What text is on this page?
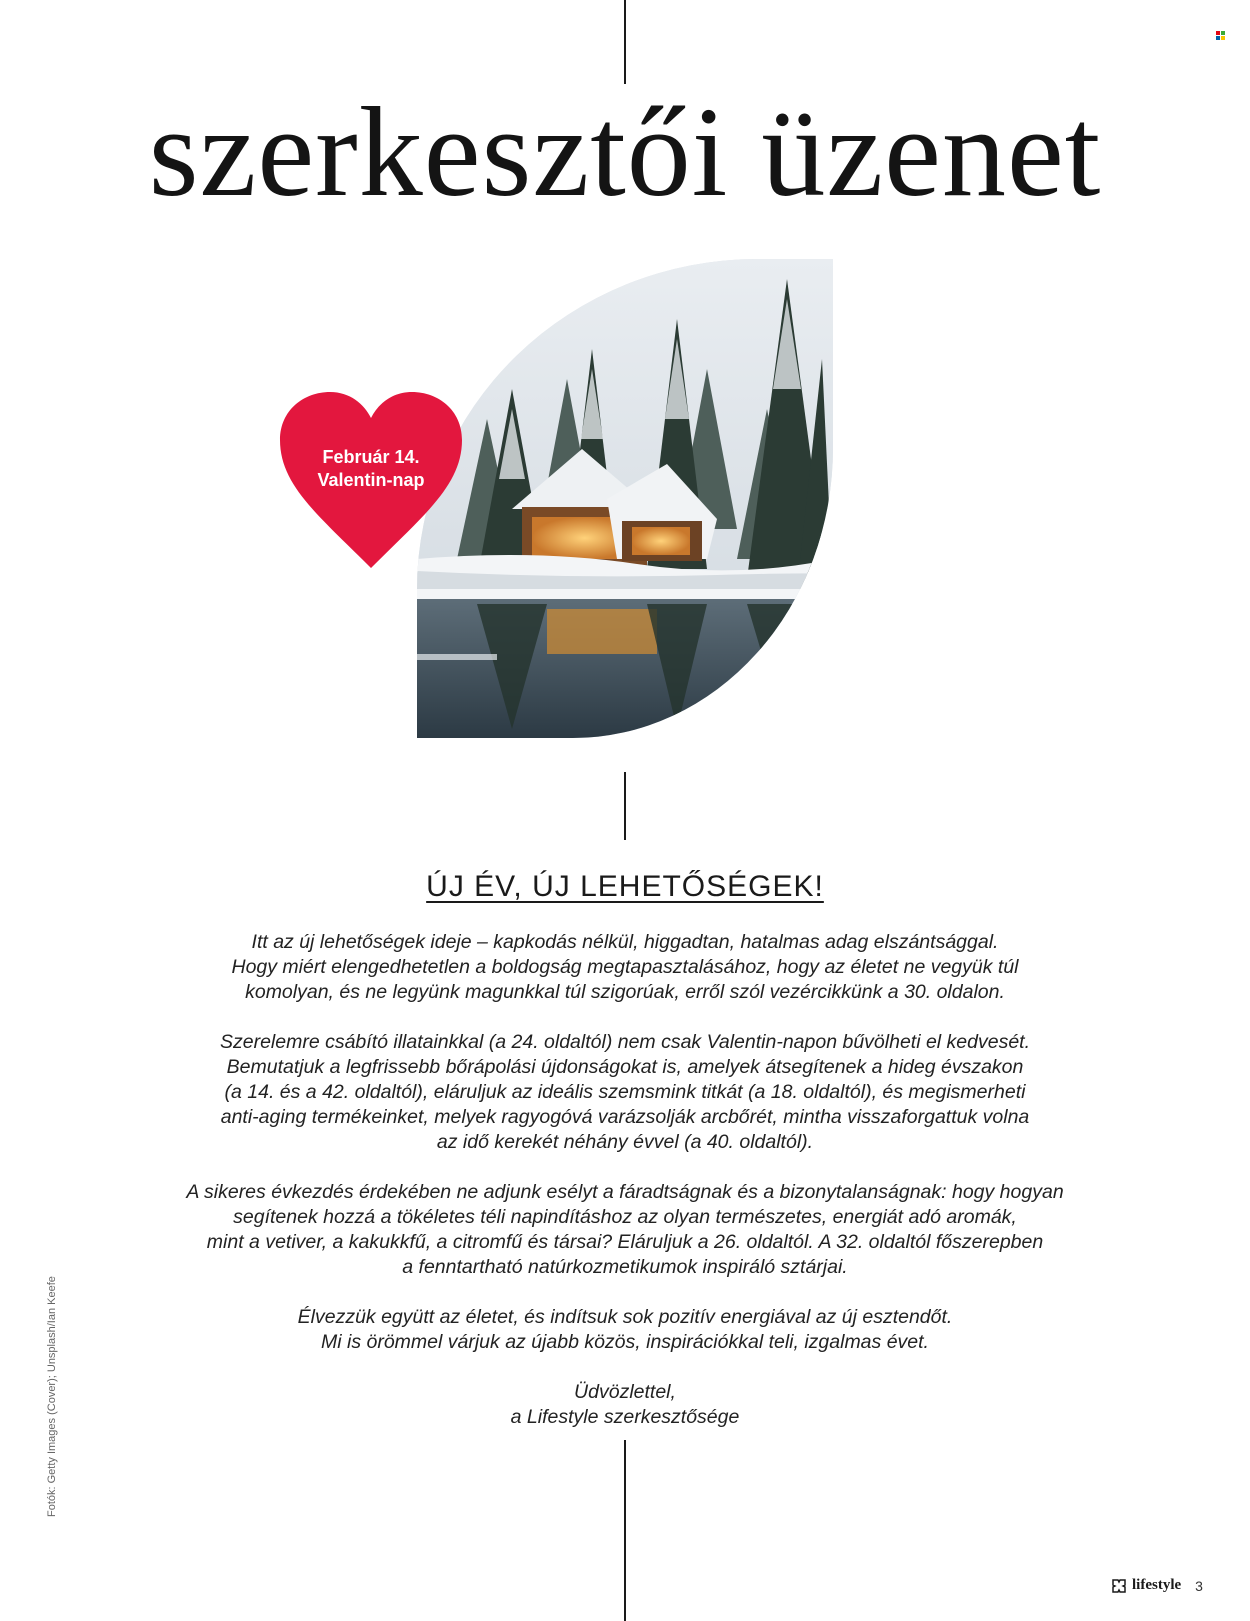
szerkesztői üzenet
Február 14.
Valentin-nap
ÚJ ÉV, ÚJ LEHETŐSÉGEK!

Itt az új lehetőségek ideje – kapkodás nélkül, higgadtan, hatalmas adag elszántsággal.
Hogy miért elengedhetetlen a boldogság megtapasztalásához, hogy az életet ne vegyük túl
komolyan, és ne legyünk magunkkal túl szigorúak, erről szól vezércikkünk a 30. oldalon.

Szerelemre csábító illatainkkal (a 24. oldaltól) nem csak Valentin-napon bűvölheti el kedvesét.
Bemutatjuk a legfrissebb bőrápolási újdonságokat is, amelyek átsegítenek a hideg évszakon
(a 14. és a 42. oldaltól), eláruljuk az ideális szemsmink titkát (a 18. oldaltól), és megismerheti
anti-aging termékeinket, melyek ragyogóvá varázsolják arcbőrét, mintha visszaforgattuk volna
az idő kerekét néhány évvel (a 40. oldaltól).

A sikeres évkezdés érdekében ne adjunk esélyt a fáradtságnak és a bizonytalanságnak: hogy hogyan
segítenek hozzá a tökéletes téli napindításhoz az olyan természetes, energiát adó aromák,
mint a vetiver, a kakukkfű, a citromfű és társai? Eláruljuk a 26. oldaltól. A 32. oldaltól főszerepben
a fenntartható natúrkozmetikumok inspiráló sztárjai.

Élvezzük együtt az életet, és indítsuk sok pozitív energiával az új esztendőt.
Mi is örömmel várjuk az újabb közös, inspirációkkal teli, izgalmas évet.

Üdvözlettel,
a Lifestyle szerkesztősége

Fotók: Getty Images (Cover); Unsplash/Ian Keefe
lifestyle 3
